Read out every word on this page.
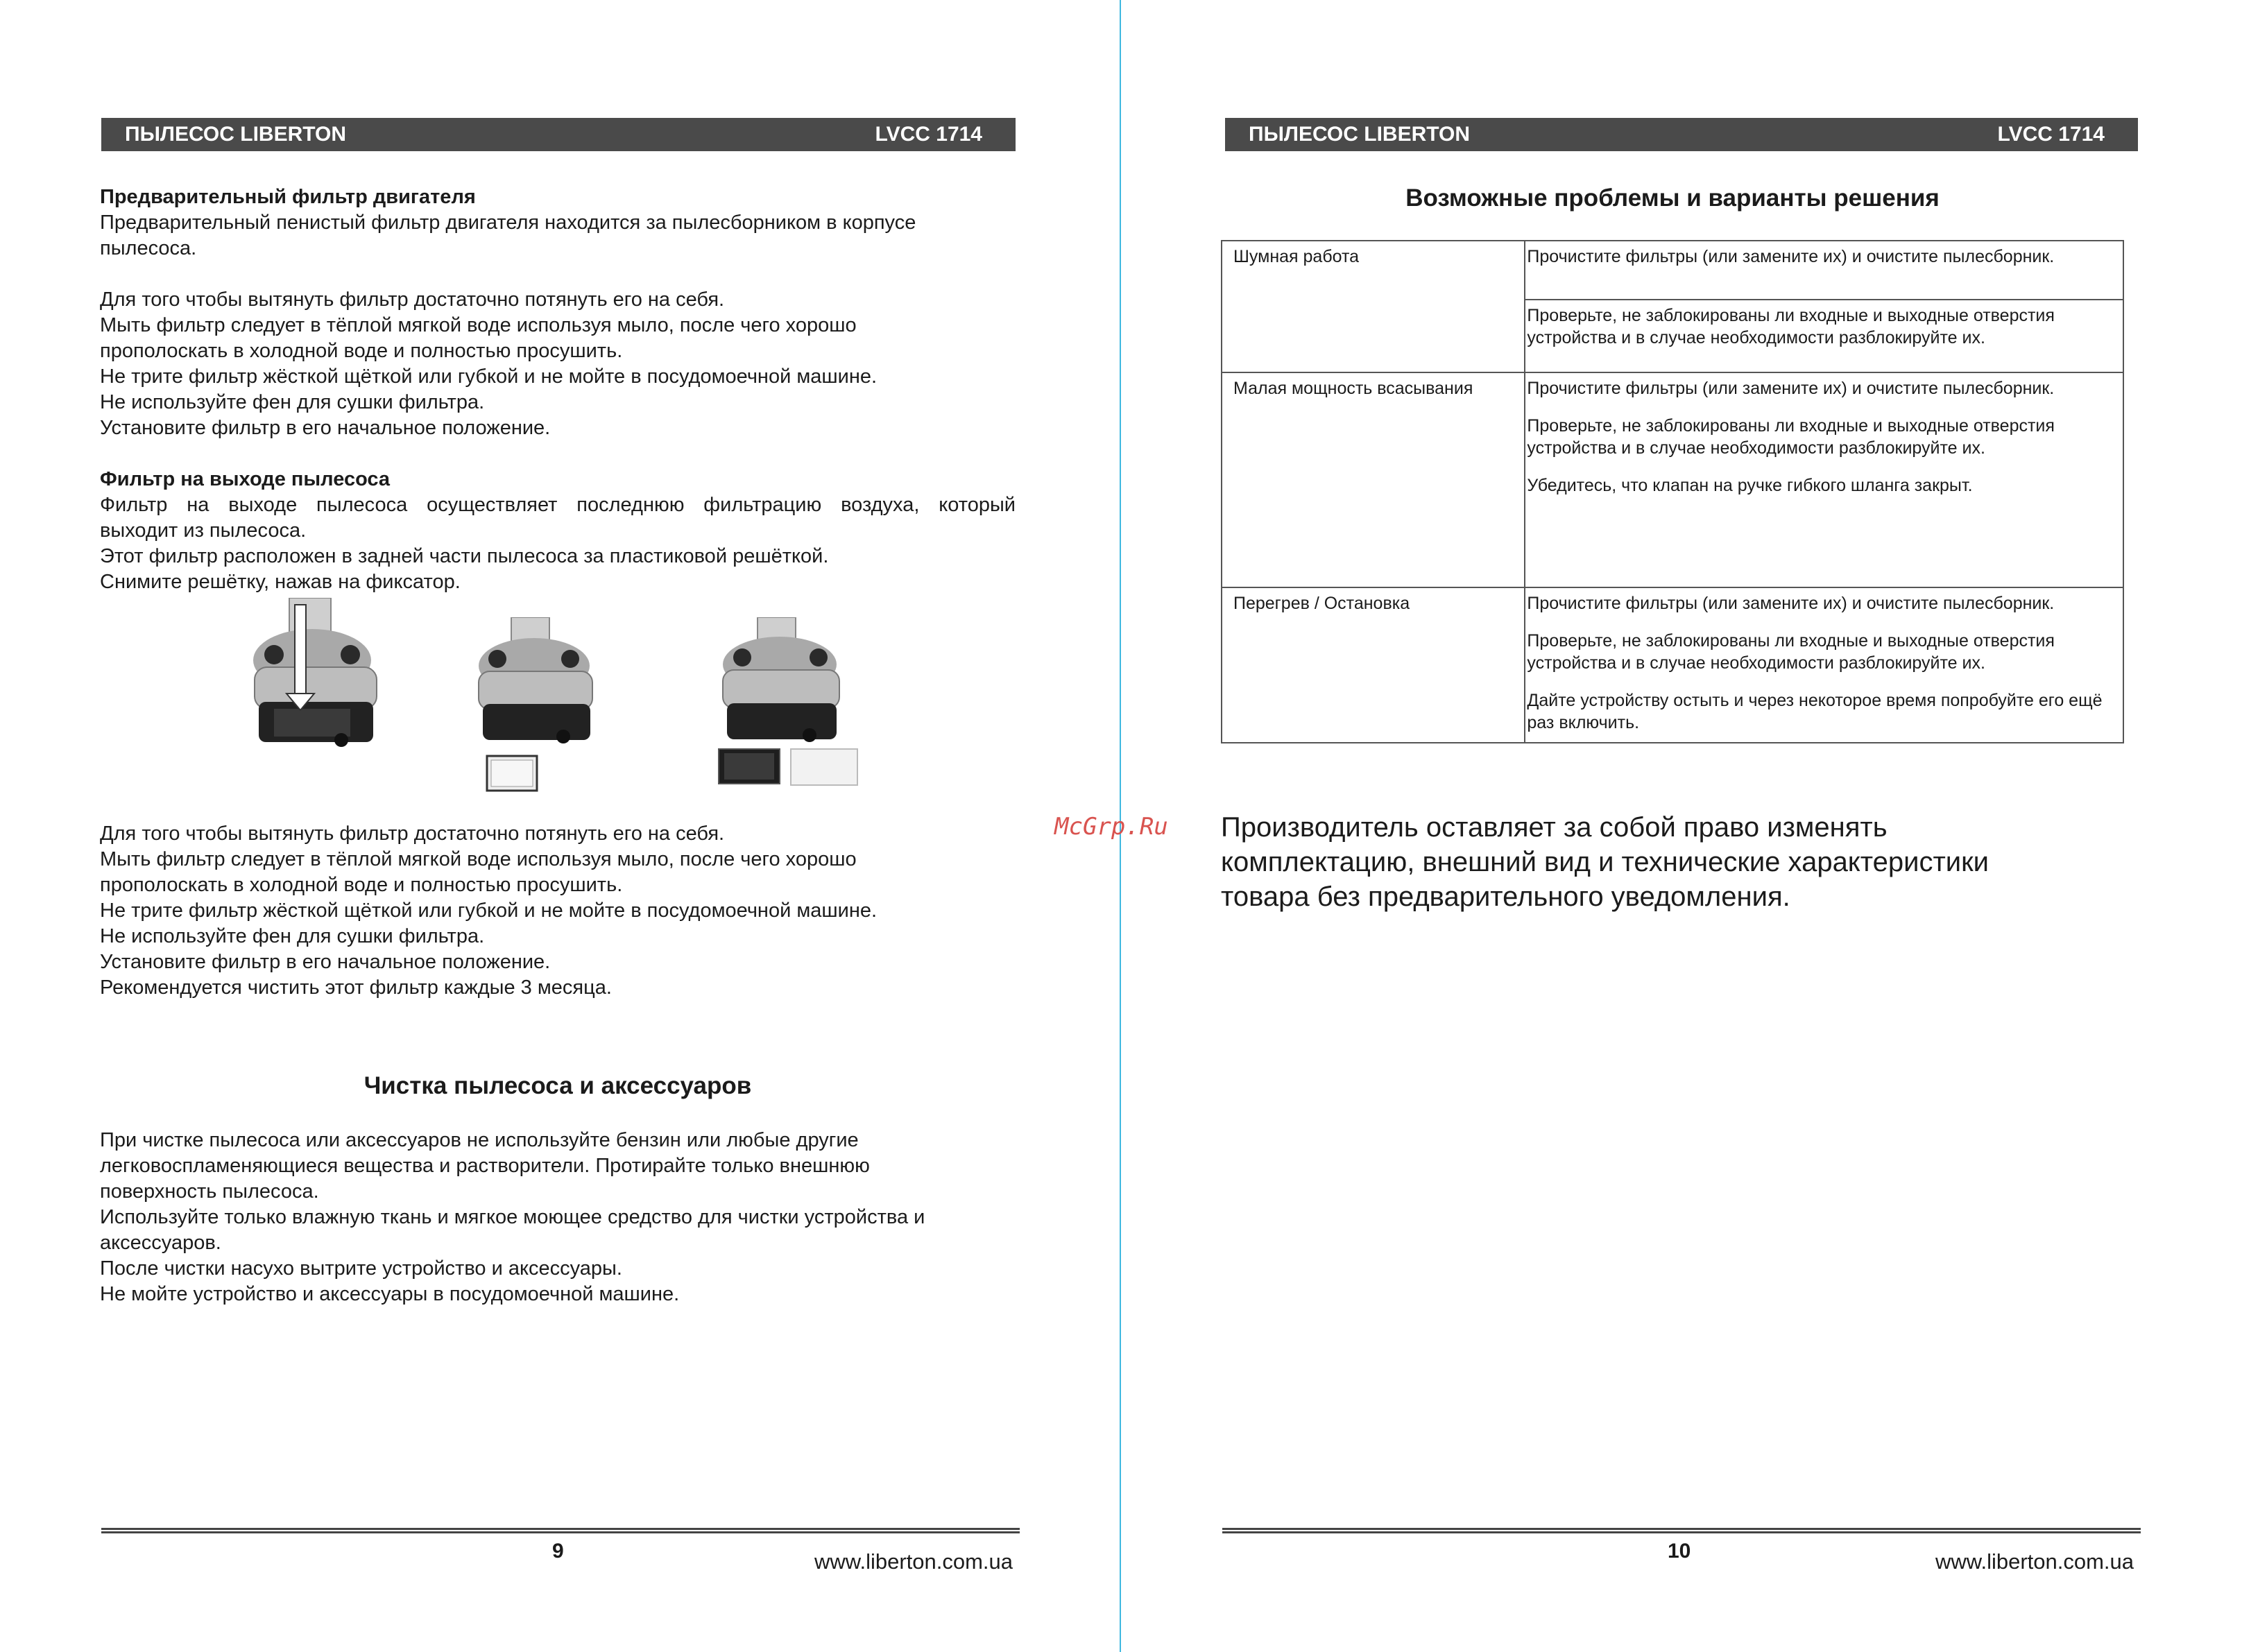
ПЫЛЕСОС LIBERTON	LVCC 1714

Предварительный фильтр двигателя

Предварительный пенистый фильтр двигателя находится за пылесборником в корпусе

пылесоса.

Для того чтобы вытянуть фильтр достаточно потянуть его на себя.

Мыть фильтр следует в тёплой мягкой воде используя мыло, после чего хорошо

прополоскать в холодной воде и полностью просушить.

Не трите фильтр жёсткой щёткой или губкой и не мойте в посудомоечной машине.

Не используйте фен для сушки фильтра.

Установите фильтр в его начальное положение.

Фильтр на выходе пылесоса

Фильтр на выходе пылесоса осуществляет последнюю фильтрацию воздуха, который

выходит из пылесоса.

Этот фильтр расположен в задней части пылесоса за пластиковой решёткой.

Снимите решётку, нажав на фиксатор.

Для того чтобы вытянуть фильтр достаточно потянуть его на себя.

Мыть фильтр следует в тёплой мягкой воде используя мыло, после чего хорошо

прополоскать в холодной воде и полностью просушить.

Не трите фильтр жёсткой щёткой или губкой и не мойте в посудомоечной машине.

Не используйте фен для сушки фильтра.

Установите фильтр в его начальное положение.

Рекомендуется чистить этот фильтр каждые 3 месяца.

Чистка пылесоса и аксессуаров

При чистке пылесоса или аксессуаров не используйте бензин или любые другие

легковоспламеняющиеся вещества и растворители. Протирайте только внешнюю

поверхность пылесоса.

Используйте только влажную ткань и мягкое моющее средство для чистки устройства и

аксессуаров.

После чистки насухо вытрите устройство и аксессуары.

Не мойте устройство и аксессуары в посудомоечной машине.

9	www.liberton.com.ua
ПЫЛЕСОС LIBERTON	LVCC 1714
Возможные проблемы и варианты решения
Шумная работа	Прочистите фильтры (или замените их) и очистите пылесборник.

	Проверьте, не заблокированы ли входные и выходные отверстия устройства и в случае необходимости разблокируйте их.

Малая мощность всасывания	Прочистите фильтры (или замените их) и очистите пылесборник.

Проверьте, не заблокированы ли входные и выходные отверстия устройства и в случае необходимости разблокируйте их.

Убедитесь, что клапан на ручке гибкого шланга закрыт.

Перегрев / Остановка	Прочистите фильтры (или замените их) и очистите пылесборник.

Проверьте, не заблокированы ли входные и выходные отверстия устройства и в случае необходимости разблокируйте их.

Дайте устройству остыть и через некоторое время попробуйте его ещё раз включить.

Производитель оставляет за собой право изменять
комплектацию, внешний вид и технические характеристики
товара без предварительного уведомления.
10	www.liberton.com.ua
McGrp.Ru
